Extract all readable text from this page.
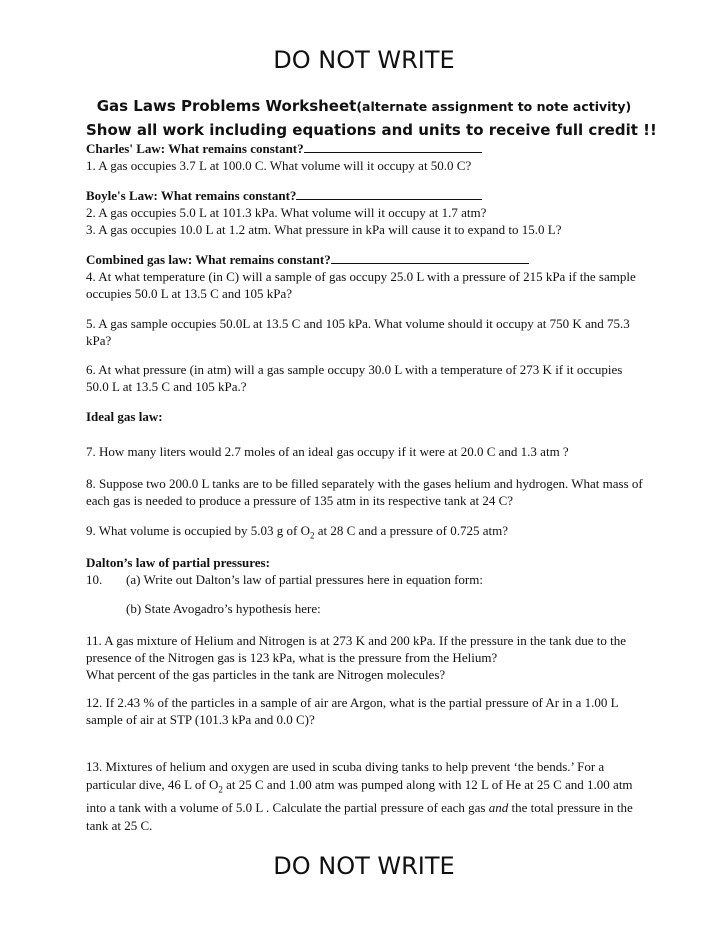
DO NOT WRITE
Gas Laws Problems Worksheet(alternate assignment to note activity)
Show all work including equations and units to receive full credit !!

Charles' Law: What remains constant?

1. A gas occupies 3.7 L at 100.0 C. What volume will it occupy at 50.0 C?

Boyle's Law: What remains constant?

2. A gas occupies 5.0 L at 101.3 kPa. What volume will it occupy at 1.7 atm?

3. A gas occupies 10.0 L at 1.2 atm. What pressure in kPa will cause it to expand to 15.0 L?

Combined gas law: What remains constant?

4. At what temperature (in C) will a sample of gas occupy 25.0 L with a pressure of 215 kPa if the sample occupies 50.0 L at 13.5 C and 105 kPa?

5. A gas sample occupies 50.0L at 13.5 C and 105 kPa. What volume should it occupy at 750 K and 75.3 kPa?
6. At what pressure (in atm) will a gas sample occupy 30.0 L with a temperature of 273 K if it occupies 50.0 L at 13.5 C and 105 kPa.?
Ideal gas law:
7. How many liters would 2.7 moles of an ideal gas occupy if it were at 20.0 C and 1.3 atm ?
8. Suppose two 200.0 L tanks are to be filled separately with the gases helium and hydrogen. What mass of each gas is needed to produce a pressure of 135 atm in its respective tank at 24 C?
9. What volume is occupied by 5.03 g of $O_2$ at 28 C and a pressure of 0.725 atm?

Dalton’s law of partial pressures:

10. (a) Write out Dalton’s law of partial pressures here in equation form:

(b) State Avogadro’s hypothesis here:

11. A gas mixture of Helium and Nitrogen is at 273 K and 200 kPa. If the pressure in the tank due to the presence of the Nitrogen gas is 123 kPa, what is the pressure from the Helium?

What percent of the gas particles in the tank are Nitrogen molecules?

12. If 2.43 % of the particles in a sample of air are Argon, what is the partial pressure of Ar in a 1.00 L sample of air at STP (101.3 kPa and 0.0 C)?
13. Mixtures of helium and oxygen are used in scuba diving tanks to help prevent ‘the bends.’ For a particular dive, 46 L of $O_2$ at 25 C and 1.00 atm was pumped along with 12 L of He at 25 C and 1.00 atm into a tank with a volume of 5.0 L . Calculate the partial pressure of each gas and the total pressure in the tank at 25 C.
DO NOT WRITE
